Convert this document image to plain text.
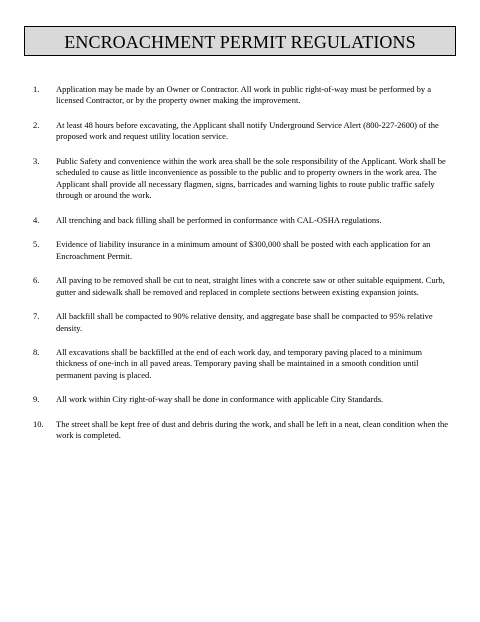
ENCROACHMENT PERMIT REGULATIONS
1.	Application may be made by an Owner or Contractor. All work in public right-of-way must be performed by a licensed Contractor, or by the property owner making the improvement.
2.	At least 48 hours before excavating, the Applicant shall notify Underground Service Alert (800-227-2600) of the proposed work and request utility location service.
3.	Public Safety and convenience within the work area shall be the sole responsibility of the Applicant. Work shall be scheduled to cause as little inconvenience as possible to the public and to property owners in the work area. The Applicant shall provide all necessary flagmen, signs, barricades and warning lights to route public traffic safely through or around the work.
4.	All trenching and back filling shall be performed in conformance with CAL-OSHA regulations.
5.	Evidence of liability insurance in a minimum amount of $300,000 shall be posted with each application for an Encroachment Permit.
6.	All paving to be removed shall be cut to neat, straight lines with a concrete saw or other suitable equipment. Curb, gutter and sidewalk shall be removed and replaced in complete sections between existing expansion joints.
7.	All backfill shall be compacted to 90% relative density, and aggregate base shall be compacted to 95% relative density.
8.	All excavations shall be backfilled at the end of each work day, and temporary paving placed to a minimum thickness of one-inch in all paved areas. Temporary paving shall be maintained in a smooth condition until permanent paving is placed.
9.	All work within City right-of-way shall be done in conformance with applicable City Standards.
10.	The street shall be kept free of dust and debris during the work, and shall be left in a neat, clean condition when the work is completed.
